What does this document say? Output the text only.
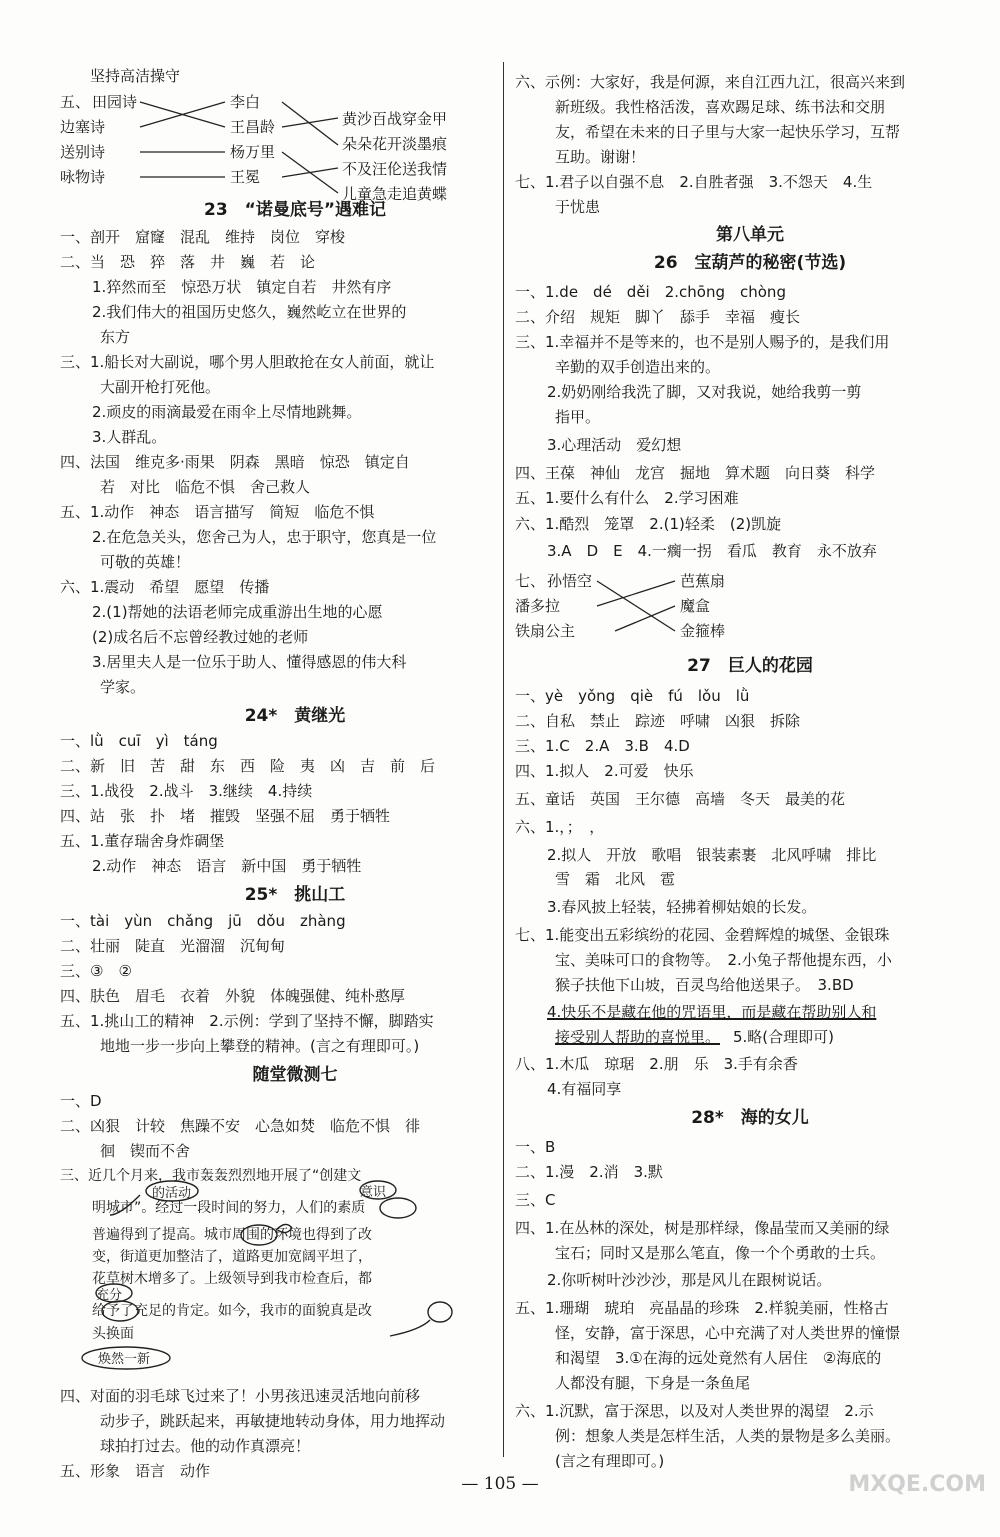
坚持高洁操守
五、 田园诗
边塞诗
送别诗
咏物诗
李白
王昌龄
杨万里
王冕
黄沙百战穿金甲
朵朵花开淡墨痕
不及汪伦送我情
儿童急走追黄蝶
23　“诺曼底号”遇难记
一、剖开　窟窿　混乱　维持　岗位　穿梭
二、当　恐　猝　落　井　巍　若　论
1.猝然而至　惊恐万状　镇定自若　井然有序
2.我们伟大的祖国历史悠久，巍然屹立在世界的
东方
三、1.船长对大副说，哪个男人胆敢抢在女人前面，就让
大副开枪打死他。
2.顽皮的雨滴最爱在雨伞上尽情地跳舞。
3.人群乱。
四、法国　维克多·雨果　阴森　黑暗　惊恐　镇定自
若　对比　临危不惧　舍己救人
五、1.动作　神态　语言描写　简短　临危不惧
2.在危急关头，您舍己为人，忠于职守，您真是一位
可敬的英雄！
六、1.震动　希望　愿望　传播
2.(1)帮她的法语老师完成重游出生地的心愿
(2)成名后不忘曾经教过她的老师
3.居里夫人是一位乐于助人、懂得感恩的伟大科
学家。
24*　黄继光
一、lǜ　cuī　yì　táng
二、新　旧　苦　甜　东　西　险　夷　凶　吉　前　后
三、1.战役　2.战斗　3.继续　4.持续
四、站　张　扑　堵　摧毁　坚强不屈　勇于牺牲
五、1.董存瑞舍身炸碉堡
2.动作　神态　语言　新中国　勇于牺牲
25*　挑山工
一、tài　yùn　chǎng　jū　dǒu　zhàng
二、壮丽　陡直　光溜溜　沉甸甸
三、③　②
四、肤色　眉毛　衣着　外貌　体魄强健、纯朴憨厚
五、1.挑山工的精神　2.示例：学到了坚持不懈，脚踏实
地地一步一步向上攀登的精神。(言之有理即可。)
随堂微测七
一、D
二、凶狠　计较　焦躁不安　心急如焚　临危不惧　徘
徊　锲而不舍
三、近几个月来，我市轰轰烈烈地开展了“创建文
明城市”。经过一段时间的努力，人们的素质
普遍得到了提高。城市周围的环境也得到了改
变，街道更加整洁了，道路更加宽阔平坦了，
花草树木增多了。上级领导到我市检查后，都
给予了充足的肯定。如今，我市的面貌真是改
头换面
的活动	意识
充分
焕然一新
四、对面的羽毛球飞过来了！小男孩迅速灵活地向前移
动步子，跳跃起来，再敏捷地转动身体，用力地挥动
球拍打过去。他的动作真漂亮！
五、形象　语言　动作
六、示例：大家好，我是何源，来自江西九江，很高兴来到
新班级。我性格活泼，喜欢踢足球、练书法和交朋
友，希望在未来的日子里与大家一起快乐学习，互帮
互助。谢谢！
七、1.君子以自强不息　2.自胜者强　3.不怨天　4.生
于忧患
第八单元
26　宝葫芦的秘密(节选)
一、1.de　dé　děi　2.chōng　chòng
二、介绍　规矩　脚丫　舔手　幸福　瘦长
三、1.幸福并不是等来的，也不是别人赐予的，是我们用
辛勤的双手创造出来的。
2.奶奶刚给我洗了脚，又对我说，她给我剪一剪
指甲。
3.心理活动　爱幻想
四、王葆　神仙　龙宫　掘地　算术题　向日葵　科学
五、1.要什么有什么　2.学习困难
六、1.酷烈　笼罩　2.(1)轻柔　(2)凯旋
3.A　D　E　4.一瘸一拐　看瓜　教育　永不放弃
七、 孙悟空
潘多拉
铁扇公主
芭蕉扇
魔盒
金箍棒
27　巨人的花园
一、yè　yǒng　qiè　fú　lǒu　lǜ
二、自私　禁止　踪迹　呼啸　凶狠　拆除
三、1.C　2.A　3.B　4.D
四、1.拟人　2.可爱　快乐
五、童话　英国　王尔德　高墙　冬天　最美的花
六、1.，；　，
2.拟人　开放　歌唱　银装素裹　北风呼啸　排比
雪　霜　北风　雹
3.春风披上轻装，轻拂着柳姑娘的长发。
七、1.能变出五彩缤纷的花园、金碧辉煌的城堡、金银珠
宝、美味可口的食物等。　2.小兔子帮他提东西，小
猴子扶他下山坡，百灵鸟给他送果子。　3.BD
4.快乐不是藏在他的咒语里，而是藏在帮助别人和
接受别人帮助的喜悦里。 5.略(合理即可)
八、1.木瓜　琼琚　2.朋　乐　3.手有余香
4.有福同享
28*　海的女儿
一、B
二、1.漫　2.消　3.默
三、C
四、1.在丛林的深处，树是那样绿，像晶莹而又美丽的绿
宝石；同时又是那么笔直，像一个个勇敢的士兵。
2.你听树叶沙沙沙，那是风儿在跟树说话。
五、1.珊瑚　琥珀　亮晶晶的珍珠　2.样貌美丽，性格古
怪，安静，富于深思，心中充满了对人类世界的憧憬
和渴望　3.①在海的远处竟然有人居住　②海底的
人都没有腿，下身是一条鱼尾
六、1.沉默，富于深思，以及对人类世界的渴望　2.示
例：想象人类是怎样生活，人类的景物是多么美丽。
(言之有理即可。)
— 105 —	MXQE.COM
